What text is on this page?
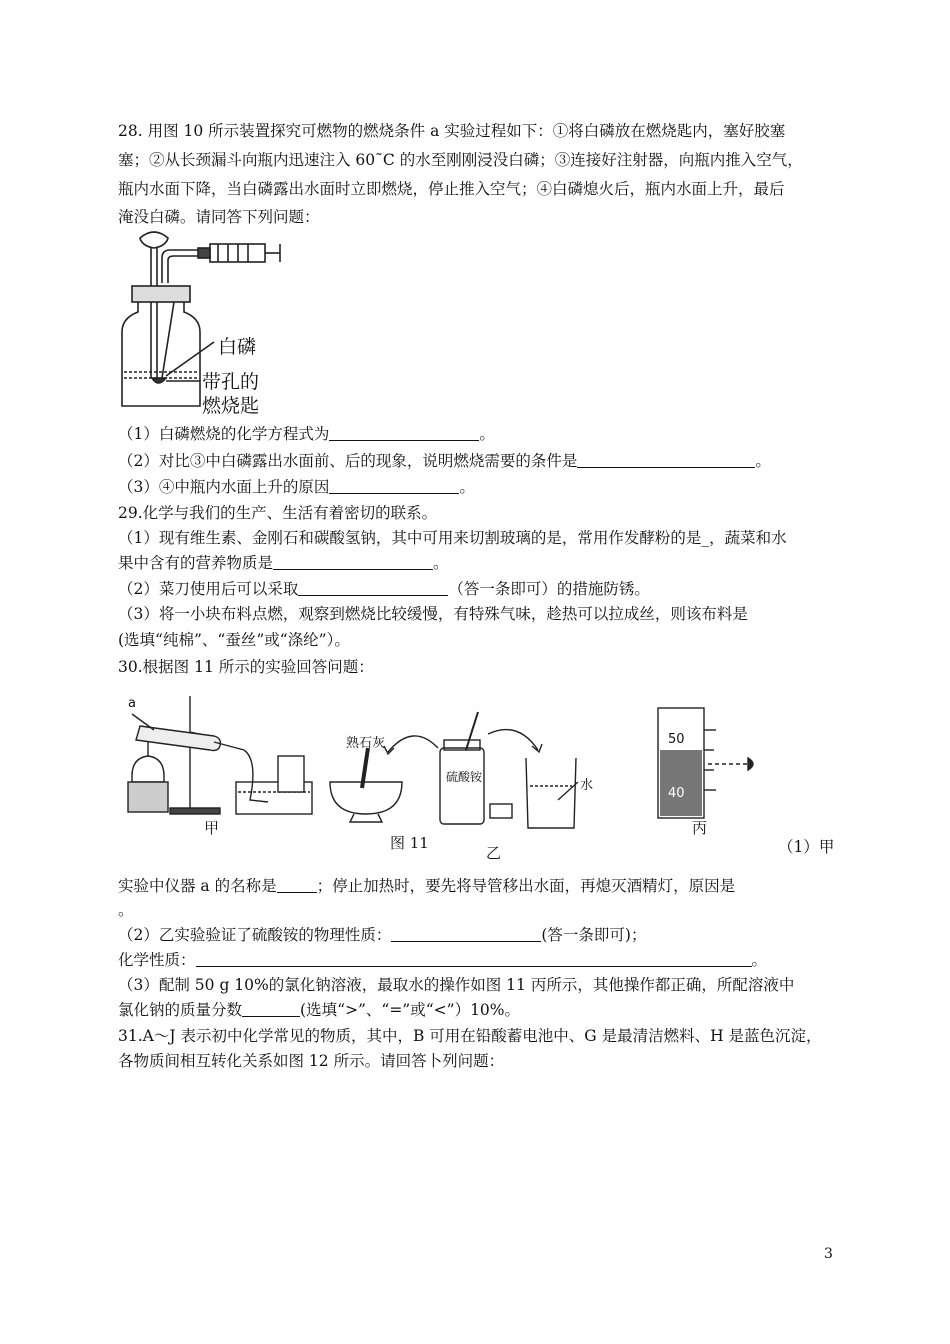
28. 用图 10 所示装置探究可燃物的燃烧条件 a 实验过程如下：①将白磷放在燃烧匙内，塞好胶塞
塞；②从长颈漏斗向瓶内迅速注入 60˜C 的水至刚刚浸没白磷；③连接好注射器，向瓶内推入空气，
瓶内水面下降，当白磷露出水面时立即燃烧，停止推入空气；④白磷熄火后，瓶内水面上升，最后
淹没白磷。请同答下列问题：
白磷
带孔的
燃烧匙
（1）白磷燃烧的化学方程式为	。
（2）对比③中白磷露出水面前、后的现象，说明燃烧需要的条件是	。
（3）④中瓶内水面上升的原因	。
29.化学与我们的生产、生活有着密切的联系。
（1）现有维生素、金刚石和碳酸氢钠，其中可用来切割玻璃的是，常用作发酵粉的是_，蔬菜和水
果中含有的营养物质是	。
（2）菜刀使用后可以采取	（答一条即可）的措施防锈。
（3）将一小块布料点燃，观察到燃烧比较缓慢，有特殊气味，趁热可以拉成丝，则该布料是
(选填“纯棉”、“蚕丝”或“涤纶”）。
30.根据图 11 所示的实验回答问题：
a
熟石灰
硫酸铵
水
50
40
甲
乙
丙
图 11	（1）甲
实验中仪器 a 的名称是	；停止加热时，要先将导管移出水面，再熄灭酒精灯，原因是
。
（2）乙实验验证了硫酸铵的物理性质：	(答一条即可)；
化学性质：	。
（3）配制 50 g 10%的氯化钠溶液，最取水的操作如图 11 丙所示，其他操作都正确，所配溶液中
氯化钠的质量分数	(选填“>”、“=”或“<”）10%。
31.A～J 表示初中化学常见的物质，其中，B 可用在铅酸蓄电池中、G 是最清洁燃料、H 是蓝色沉淀，
各物质间相互转化关系如图 12 所示。请回答卜列问题：
3
